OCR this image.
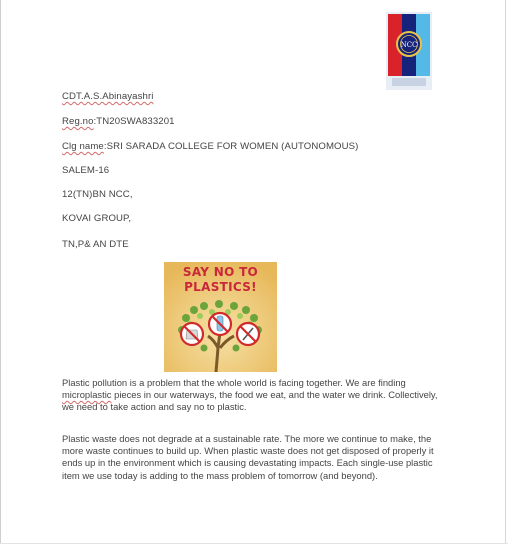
NCC
CDT.A.S.Abinayashri
Reg.no:TN20SWA833201
Clg name:SRI SARADA COLLEGE FOR WOMEN (AUTONOMOUS)
SALEM-16
12(TN)BN NCC,
KOVAI GROUP,
TN,P& AN DTE
SAY NO TO
PLASTICS!
Plastic pollution is a problem that the whole world is facing together. We are finding microplastic pieces in our waterways, the food we eat, and the water we drink. Collectively, we need to take action and say no to plastic.
Plastic waste does not degrade at a sustainable rate. The more we continue to make, the more waste continues to build up. When plastic waste does not get disposed of properly it ends up in the environment which is causing devastating impacts. Each single-use plastic item we use today is adding to the mass problem of tomorrow (and beyond).
